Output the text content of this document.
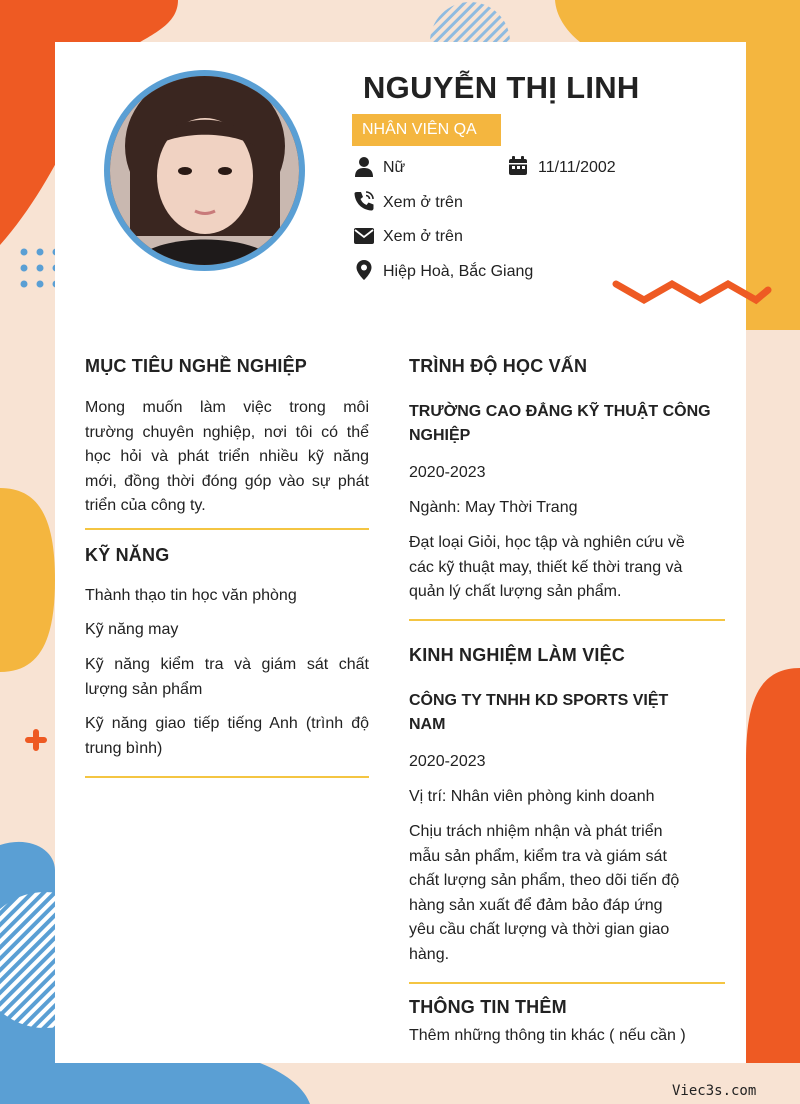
NGUYỄN THỊ LINH
NHÂN VIÊN QA
Nữ	11/11/2002
Xem ở trên
Xem ở trên
Hiệp Hoà, Bắc Giang
MỤC TIÊU NGHỀ NGHIỆP
Mong muốn làm việc trong môi
trường chuyên nghiệp, nơi tôi có thể
học hỏi và phát triển nhiều kỹ năng
mới, đồng thời đóng góp vào sự phát
triển của công ty.
KỸ NĂNG
Thành thạo tin học văn phòng
Kỹ năng may
Kỹ năng kiểm tra và giám sát chất
lượng sản phẩm
Kỹ năng giao tiếp tiếng Anh (trình độ
trung bình)
TRÌNH ĐỘ HỌC VẤN
TRƯỜNG CAO ĐẲNG KỸ THUẬT CÔNG
NGHIỆP
2020-2023
Ngành: May Thời Trang
Đạt loại Giỏi, học tập và nghiên cứu về
các kỹ thuật may, thiết kế thời trang và
quản lý chất lượng sản phẩm.
KINH NGHIỆM LÀM VIỆC
CÔNG TY TNHH KD SPORTS VIỆT
NAM
2020-2023
Vị trí: Nhân viên phòng kinh doanh
Chịu trách nhiệm nhận và phát triển
mẫu sản phẩm, kiểm tra và giám sát
chất lượng sản phẩm, theo dõi tiến độ
hàng sản xuất để đảm bảo đáp ứng
yêu cầu chất lượng và thời gian giao
hàng.
THÔNG TIN THÊM
Thêm những thông tin khác ( nếu cần )
Viec3s.com
